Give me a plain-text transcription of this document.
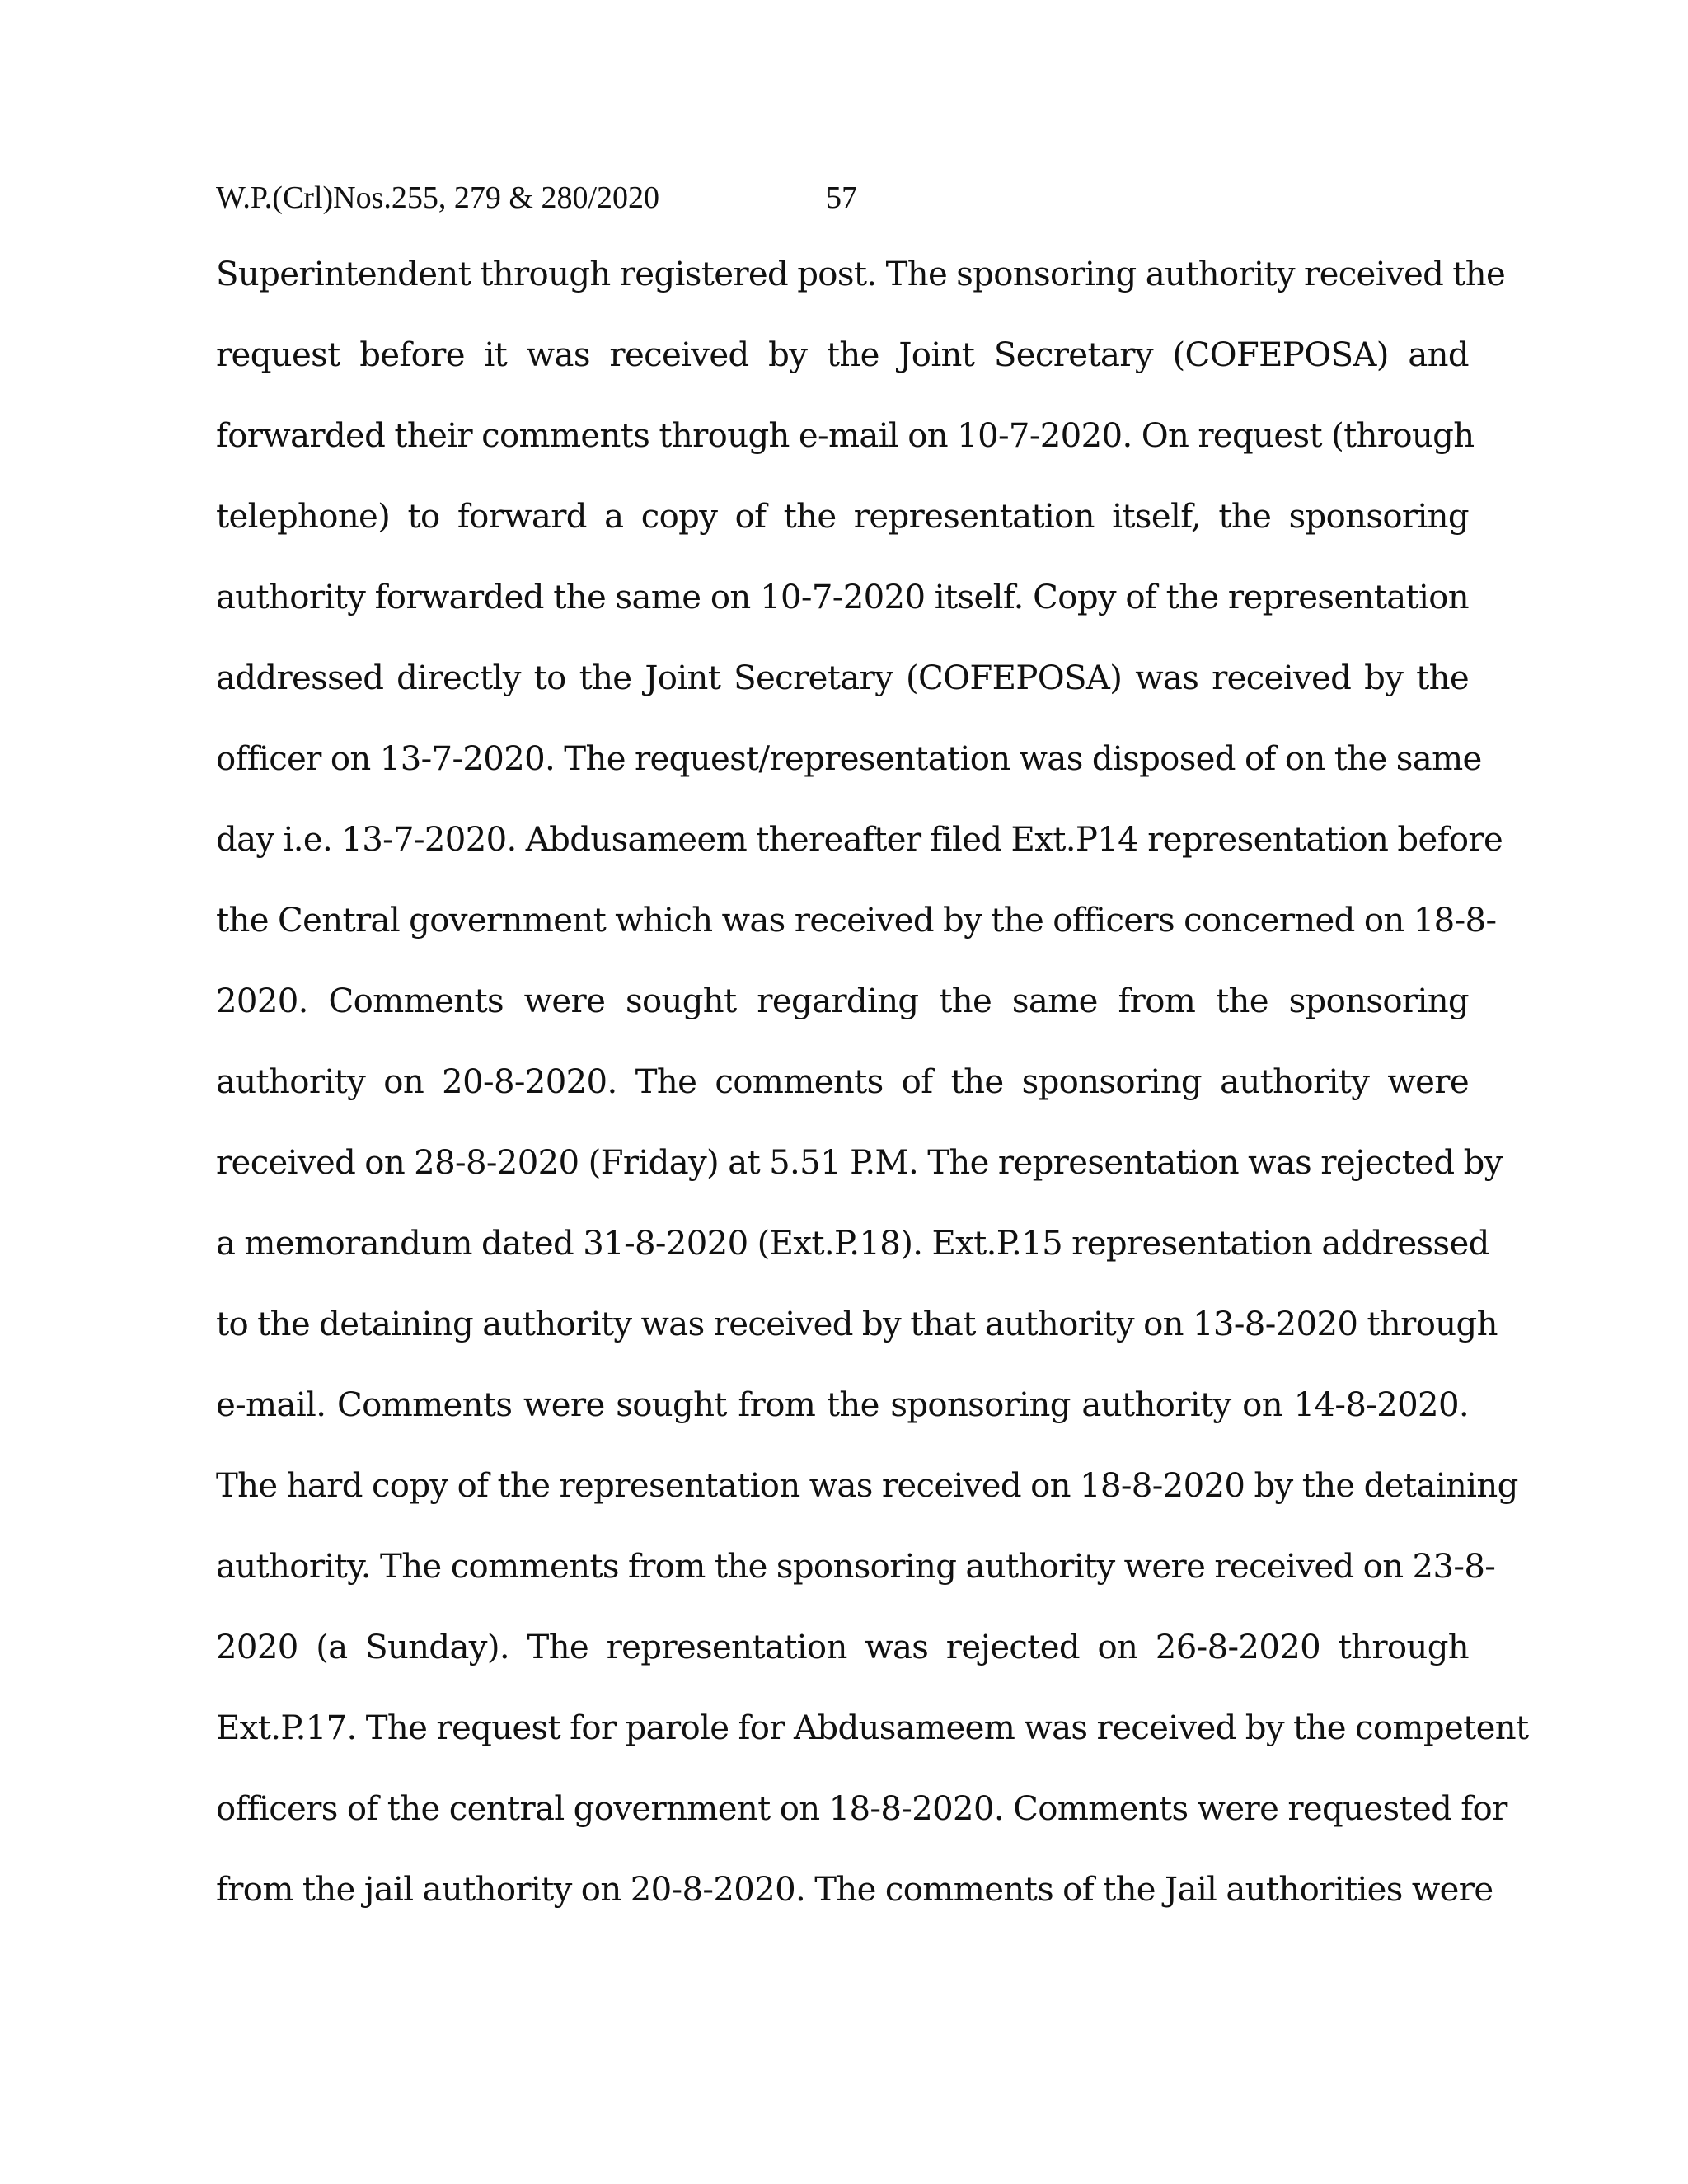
W.P.(Crl)Nos.255, 279 & 280/2020	57
Superintendent through registered post. The sponsoring authority received the
request before it was received by the Joint Secretary (COFEPOSA) and
forwarded their comments through e-mail on 10-7-2020. On request (through
telephone) to forward a copy of the representation itself, the sponsoring
authority forwarded the same on 10-7-2020 itself. Copy of the representation
addressed directly to the Joint Secretary (COFEPOSA) was received by the
officer on 13-7-2020. The request/representation was disposed of on the same
day i.e. 13-7-2020. Abdusameem thereafter filed Ext.P14 representation before
the Central government which was received by the officers concerned on 18-8-
2020. Comments were sought regarding the same from the sponsoring
authority on 20-8-2020. The comments of the sponsoring authority were
received on 28-8-2020 (Friday) at 5.51 P.M. The representation was rejected by
a memorandum dated 31-8-2020 (Ext.P.18). Ext.P.15 representation addressed
to the detaining authority was received by that authority on 13-8-2020 through
e-mail. Comments were sought from the sponsoring authority on 14-8-2020.
The hard copy of the representation was received on 18-8-2020 by the detaining
authority. The comments from the sponsoring authority were received on 23-8-
2020 (a Sunday). The representation was rejected on 26-8-2020 through
Ext.P.17. The request for parole for Abdusameem was received by the competent
officers of the central government on 18-8-2020. Comments were requested for
from the jail authority on 20-8-2020. The comments of the Jail authorities were
